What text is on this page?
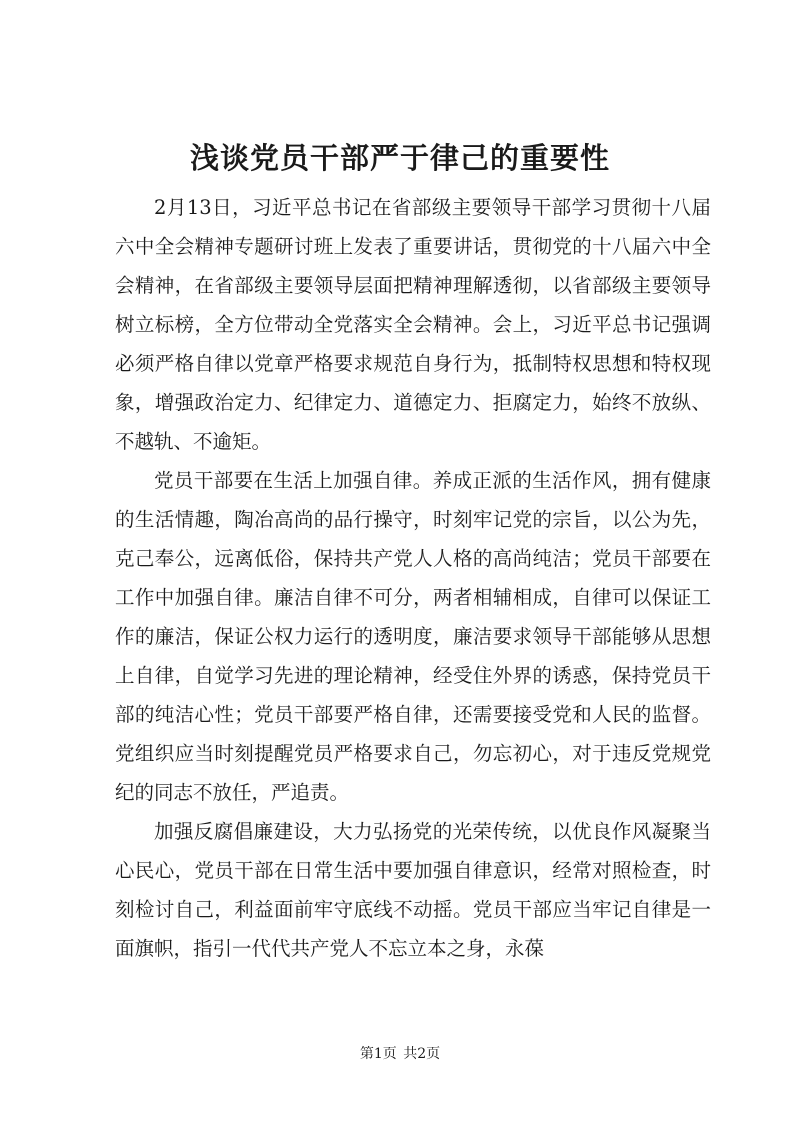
浅谈党员干部严于律己的重要性

2月13日，习近平总书记在省部级主要领导干部学习贯彻十八届六中全会精神专题研讨班上发表了重要讲话，贯彻党的十八届六中全会精神，在省部级主要领导层面把精神理解透彻，以省部级主要领导树立标榜，全方位带动全党落实全会精神。会上，习近平总书记强调必须严格自律以党章严格要求规范自身行为，抵制特权思想和特权现象，增强政治定力、纪律定力、道德定力、拒腐定力，始终不放纵、不越轨、不逾矩。

党员干部要在生活上加强自律。养成正派的生活作风，拥有健康的生活情趣，陶冶高尚的品行操守，时刻牢记党的宗旨，以公为先，克己奉公，远离低俗，保持共产党人人格的高尚纯洁；党员干部要在工作中加强自律。廉洁自律不可分，两者相辅相成，自律可以保证工作的廉洁，保证公权力运行的透明度，廉洁要求领导干部能够从思想上自律，自觉学习先进的理论精神，经受住外界的诱惑，保持党员干部的纯洁心性；党员干部要严格自律，还需要接受党和人民的监督。党组织应当时刻提醒党员严格要求自己，勿忘初心，对于违反党规党纪的同志不放任，严追责。

加强反腐倡廉建设，大力弘扬党的光荣传统，以优良作风凝聚当心民心，党员干部在日常生活中要加强自律意识，经常对照检查，时刻检讨自己，利益面前牢守底线不动摇。党员干部应当牢记自律是一面旗帜，指引一代代共产党人不忘立本之身，永葆

第1页 共2页
